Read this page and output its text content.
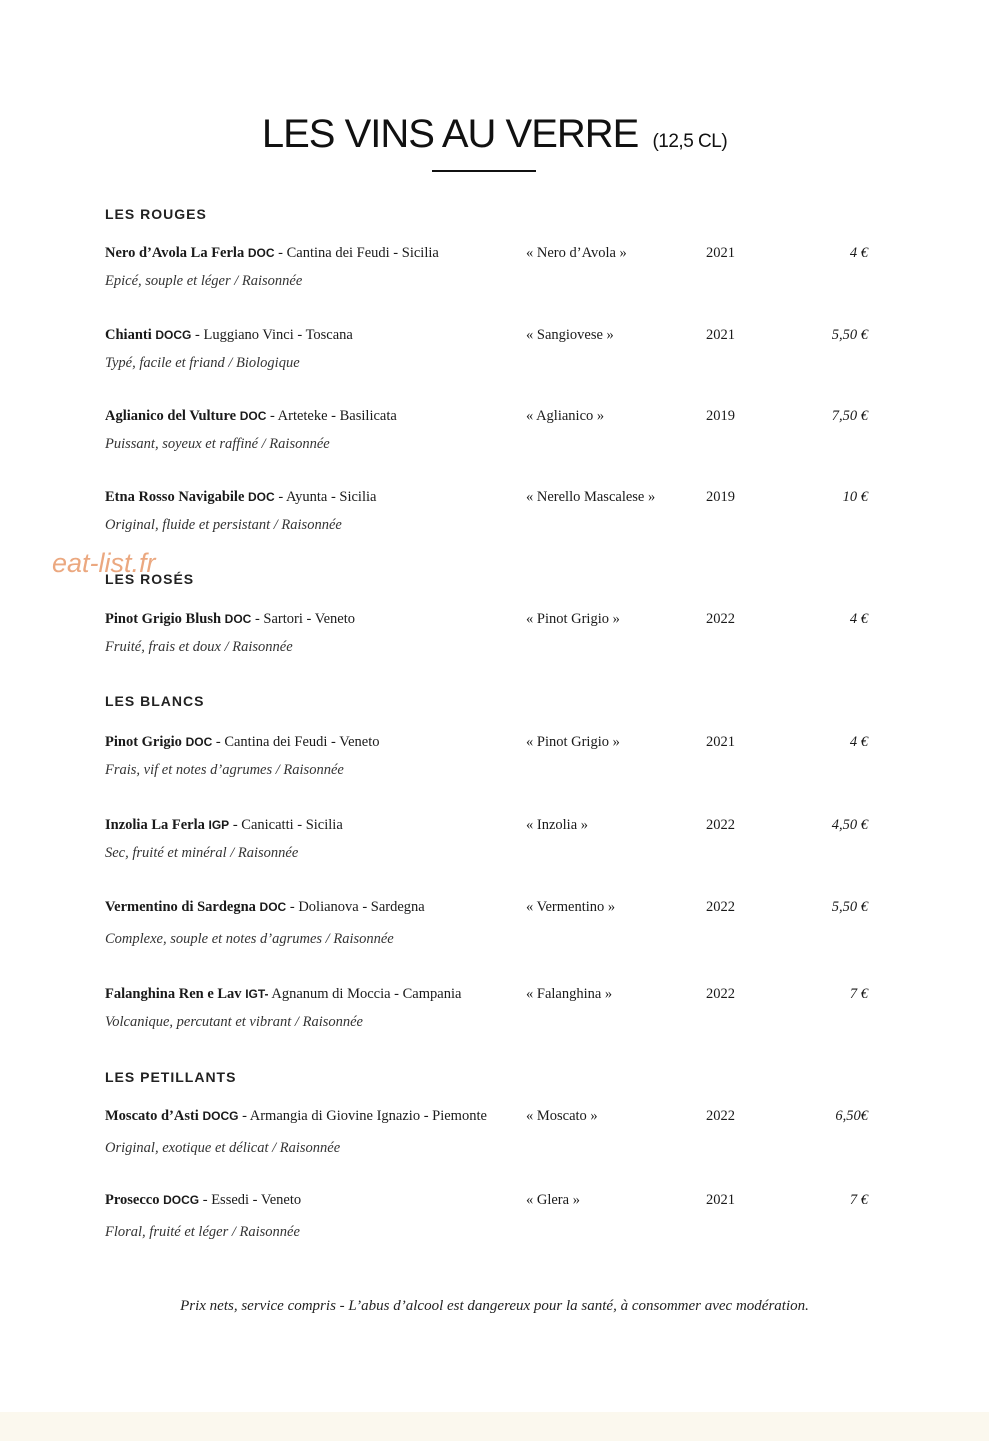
LES VINS AU VERRE (12,5 CL)
LES ROUGES
Nero d’Avola La Ferla DOC - Cantina dei Feudi - Sicilia	« Nero d’Avola »	2021	4 €
Epicé, souple et léger / Raisonnée
Chianti DOCG - Luggiano Vinci - Toscana	« Sangiovese »	2021	5,50 €
Typé, facile et friand / Biologique
Aglianico del Vulture DOC - Arteteke - Basilicata	« Aglianico »	2019	7,50 €
Puissant, soyeux et raffiné / Raisonnée
Etna Rosso Navigabile DOC - Ayunta - Sicilia	« Nerello Mascalese »	2019	10 €
Original, fluide et persistant / Raisonnée
eat-list.fr
LES ROSÉS
Pinot Grigio Blush DOC - Sartori - Veneto	« Pinot Grigio »	2022	4 €
Fruité, frais et doux / Raisonnée
LES BLANCS
Pinot Grigio DOC - Cantina dei Feudi - Veneto	« Pinot Grigio »	2021	4 €
Frais, vif et notes d’agrumes / Raisonnée
Inzolia La Ferla IGP - Canicatti - Sicilia	« Inzolia »	2022	4,50 €
Sec, fruité et minéral / Raisonnée
Vermentino di Sardegna DOC - Dolianova - Sardegna	« Vermentino »	2022	5,50 €
Complexe, souple et notes d’agrumes / Raisonnée
Falanghina Ren e Lav IGT- Agnanum di Moccia - Campania	« Falanghina »	2022	7 €
Volcanique, percutant et vibrant / Raisonnée
LES PETILLANTS
Moscato d’Asti DOCG - Armangia di Giovine Ignazio - Piemonte	« Moscato »	2022	6,50€
Original, exotique et délicat / Raisonnée
Prosecco DOCG - Essedi - Veneto	« Glera »	2021	7 €
Floral, fruité et léger / Raisonnée

Prix nets, service compris - L’abus d’alcool est dangereux pour la santé, à consommer avec modération.
